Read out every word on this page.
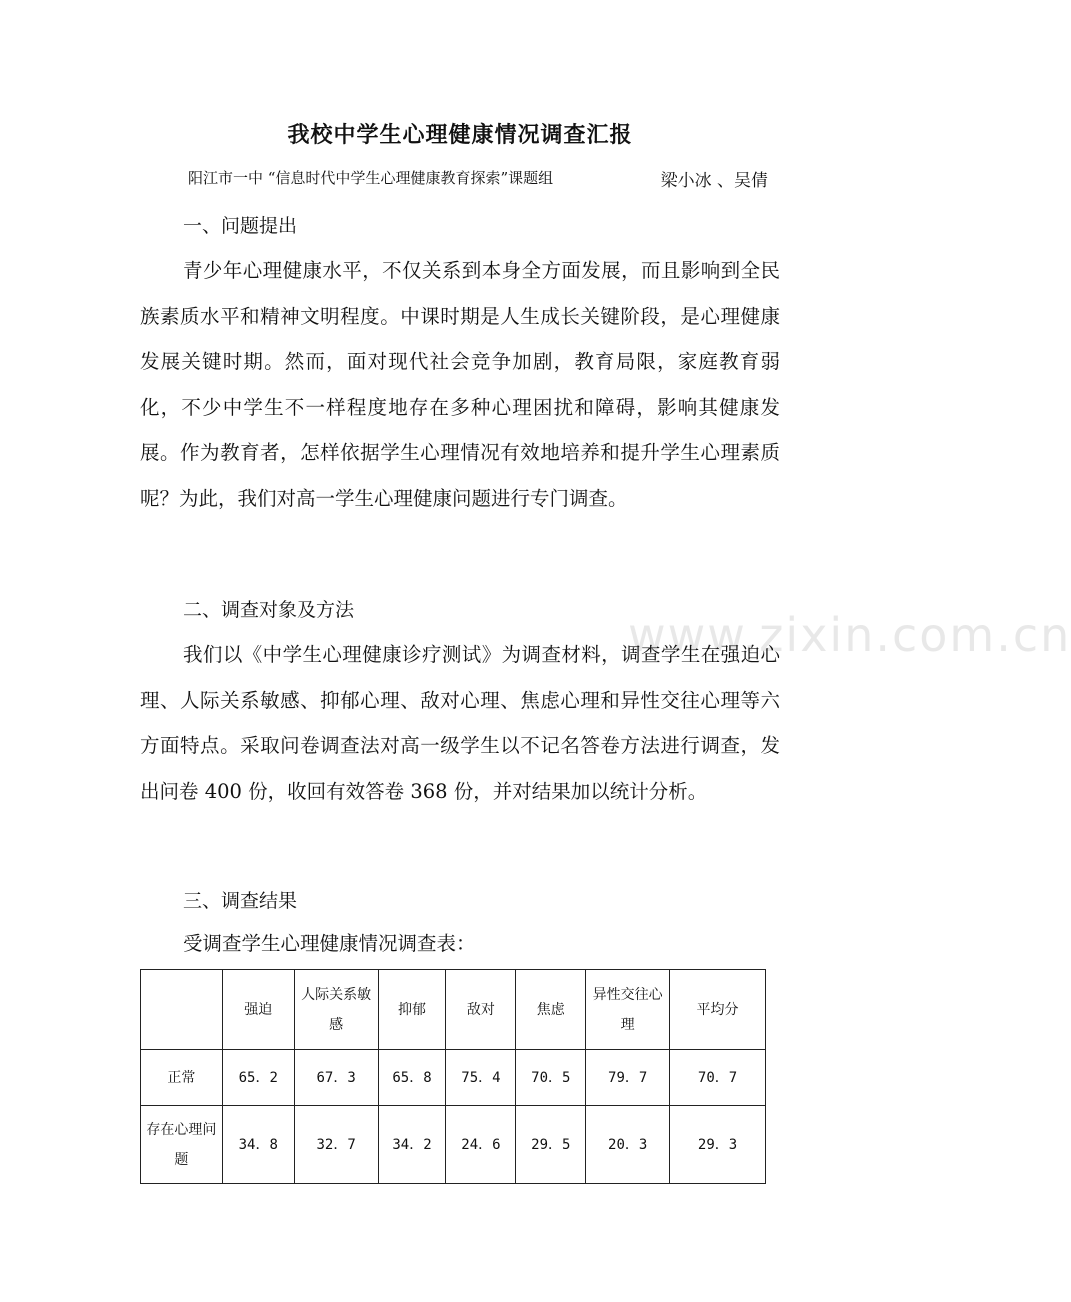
www.zixin.com.cn
我校中学生心理健康情况调查汇报
阳江市一中 “信息时代中学生心理健康教育探索”课题组	梁小冰 、吴倩
一、问题提出

青少年心理健康水平，不仅关系到本身全方面发展，而且影响到全民族素质水平和精神文明程度。中课时期是人生成长关键阶段，是心理健康发展关键时期。然而，面对现代社会竞争加剧，教育局限，家庭教育弱化，不少中学生不一样程度地存在多种心理困扰和障碍，影响其健康发展。作为教育者，怎样依据学生心理情况有效地培养和提升学生心理素质呢？为此，我们对高一学生心理健康问题进行专门调查。

二、调查对象及方法

我们以《中学生心理健康诊疗测试》为调查材料，调查学生在强迫心理、人际关系敏感、抑郁心理、敌对心理、焦虑心理和异性交往心理等六方面特点。采取问卷调查法对高一级学生以不记名答卷方法进行调查，发出问卷 400 份，收回有效答卷 368 份，并对结果加以统计分析。

三、调查结果
受调查学生心理健康情况调查表：
	强迫	人际关系敏感	抑郁	敌对	焦虑	异性交往心理	平均分
正常	65．2	67．3	65．8	75．4	70．5	79．7	70．7
存在心理问题	34．8	32．7	34．2	24．6	29．5	20．3	29．3
